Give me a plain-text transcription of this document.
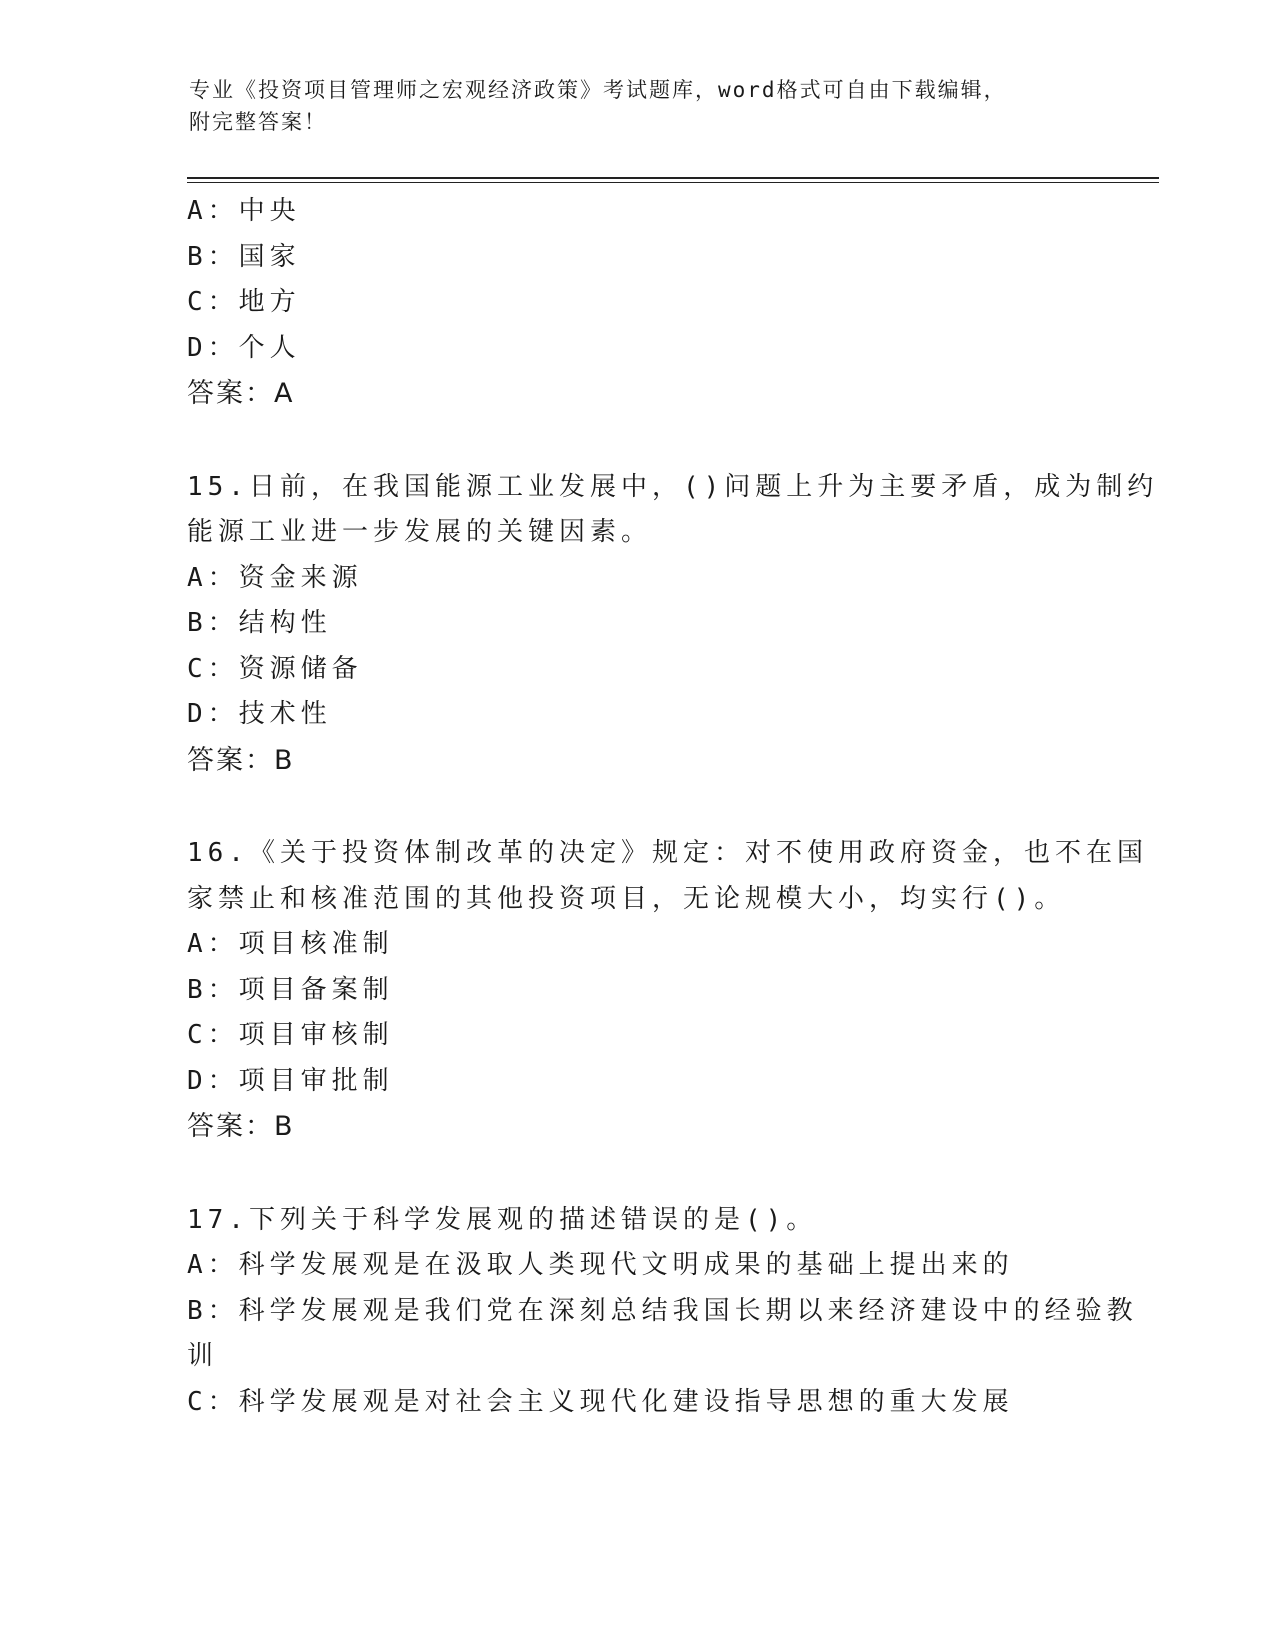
专业《投资项目管理师之宏观经济政策》考试题库，word格式可自由下载编辑，
附完整答案！
A：中央
B：国家
C：地方
D：个人
答案：A
15.日前，在我国能源工业发展中，()问题上升为主要矛盾，成为制约
能源工业进一步发展的关键因素。
A：资金来源
B：结构性
C：资源储备
D：技术性
答案：B
16.《关于投资体制改革的决定》规定：对不使用政府资金，也不在国
家禁止和核准范围的其他投资项目，无论规模大小，均实行()。
A：项目核准制
B：项目备案制
C：项目审核制
D：项目审批制
答案：B
17.下列关于科学发展观的描述错误的是()。
A：科学发展观是在汲取人类现代文明成果的基础上提出来的
B：科学发展观是我们党在深刻总结我国长期以来经济建设中的经验教
训
C：科学发展观是对社会主义现代化建设指导思想的重大发展
